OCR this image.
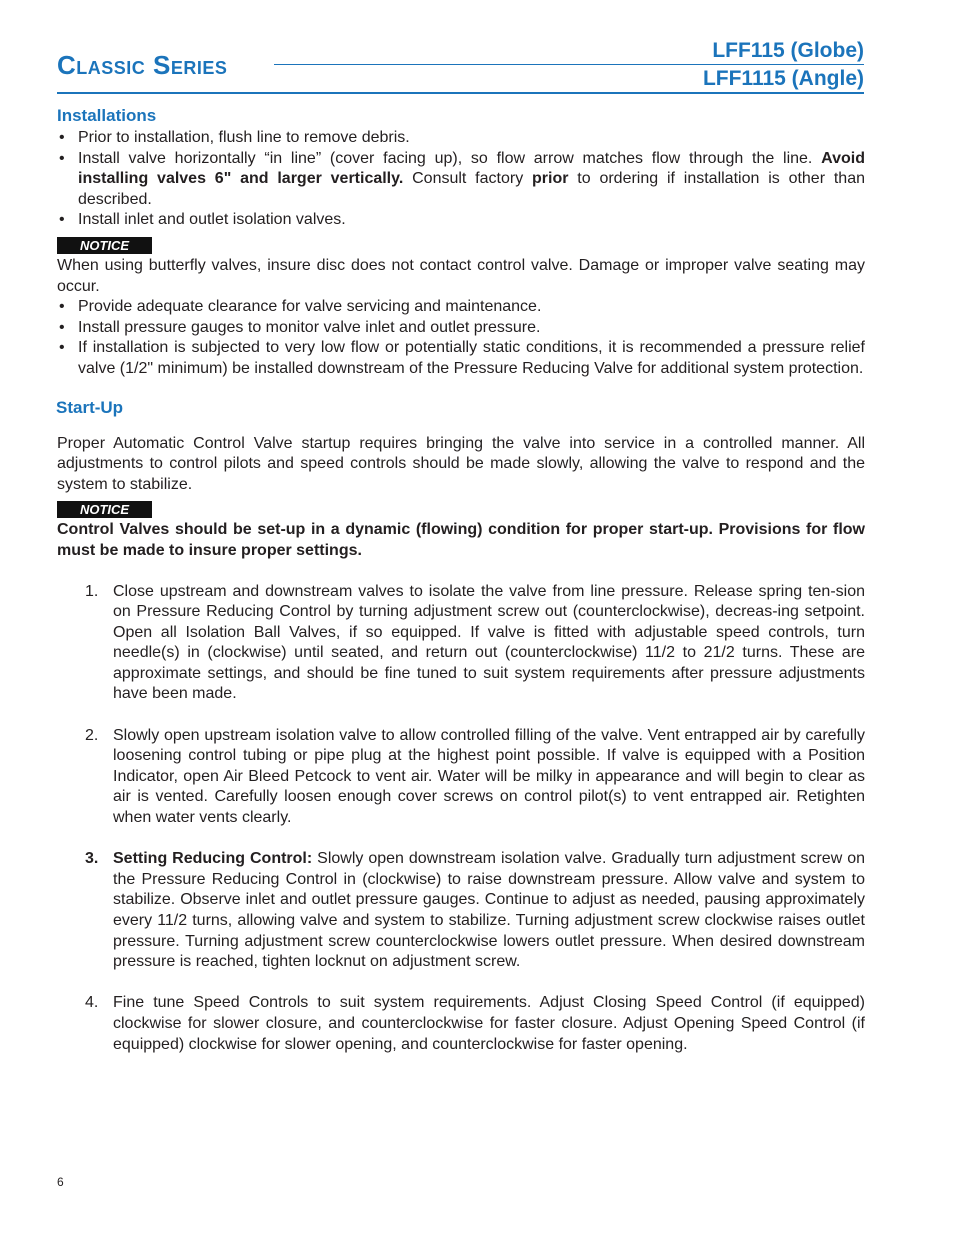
Classic Series	LFF115 (Globe)
LFF1115 (Angle)
Installations
• Prior to installation, flush line to remove debris.
• Install valve horizontally “in line” (cover facing up), so flow arrow matches flow through the line. Avoid installing valves 6" and larger vertically. Consult factory prior to ordering if installation is other than described.
• Install inlet and outlet isolation valves.
NOTICE

When using butterfly valves, insure disc does not contact control valve. Damage or improper valve seating may occur.

• Provide adequate clearance for valve servicing and maintenance.
• Install pressure gauges to monitor valve inlet and outlet pressure.
• If installation is subjected to very low flow or potentially static conditions, it is recommended a pressure relief valve (1/2" minimum) be installed downstream of the Pressure Reducing Valve for additional system protection.
Start-Up

Proper Automatic Control Valve startup requires bringing the valve into service in a controlled manner. All adjustments to control pilots and speed controls should be made slowly, allowing the valve to respond and the system to stabilize.

NOTICE

Control Valves should be set-up in a dynamic (flowing) condition for proper start-up. Provisions for flow must be made to insure proper settings.

1. Close upstream and downstream valves to isolate the valve from line pressure. Release spring ten-sion on Pressure Reducing Control by turning adjustment screw out (counterclockwise), decreas-ing setpoint. Open all Isolation Ball Valves, if so equipped. If valve is fitted with adjustable speed controls, turn needle(s) in (clockwise) until seated, and return out (counterclockwise) 11/2 to 21/2 turns. These are approximate settings, and should be fine tuned to suit system requirements after pressure adjustments have been made.
2. Slowly open upstream isolation valve to allow controlled filling of the valve. Vent entrapped air by carefully loosening control tubing or pipe plug at the highest point possible. If valve is equipped with a Position Indicator, open Air Bleed Petcock to vent air. Water will be milky in appearance and will begin to clear as air is vented. Carefully loosen enough cover screws on control pilot(s) to vent entrapped air. Retighten when water vents clearly.
3. Setting Reducing Control: Slowly open downstream isolation valve. Gradually turn adjustment screw on the Pressure Reducing Control in (clockwise) to raise downstream pressure. Allow valve and system to stabilize. Observe inlet and outlet pressure gauges. Continue to adjust as needed, pausing approximately every 11/2 turns, allowing valve and system to stabilize. Turning adjustment screw clockwise raises outlet pressure. Turning adjustment screw counterclockwise lowers outlet pressure. When desired downstream pressure is reached, tighten locknut on adjustment screw.
4. Fine tune Speed Controls to suit system requirements. Adjust Closing Speed Control (if equipped) clockwise for slower closure, and counterclockwise for faster closure. Adjust Opening Speed Control (if equipped) clockwise for slower opening, and counterclockwise for faster opening.
6
